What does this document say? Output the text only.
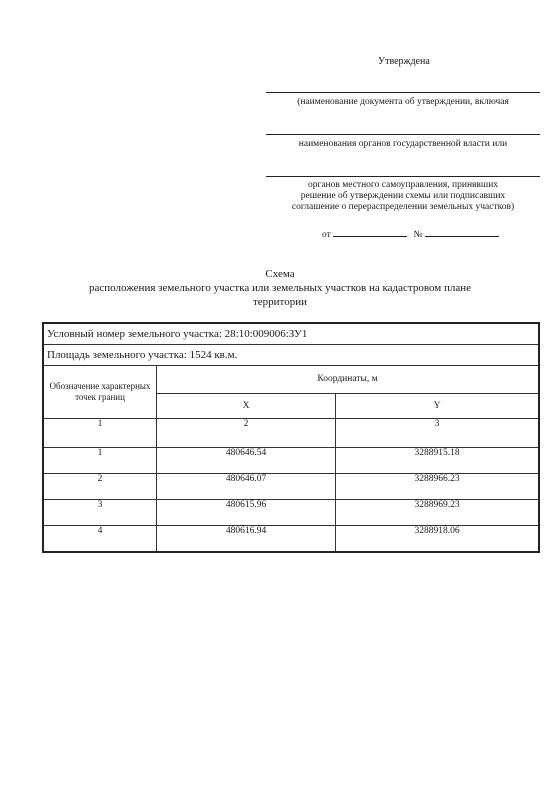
Утверждена
(наименование документа об утверждении, включая
наименования органов государственной власти или
органов местного самоуправления, принявших
решение об утверждении схемы или подписавших
соглашение о перераспределении земельных участков)
от	№
Схема
расположения земельного участка или земельных участков на кадастровом плане
территории
Условный номер земельного участка: 28:10:009006:ЗУ1		
Площадь земельного участка: 1524 кв.м.		
Обозначение характерных точек границ	Координаты, м	
	X	Y
1	2	3
1	480646.54	3288915.18
2	480646.07	3288966.23
3	480615.96	3288969.23
4	480616.94	3288918.06
